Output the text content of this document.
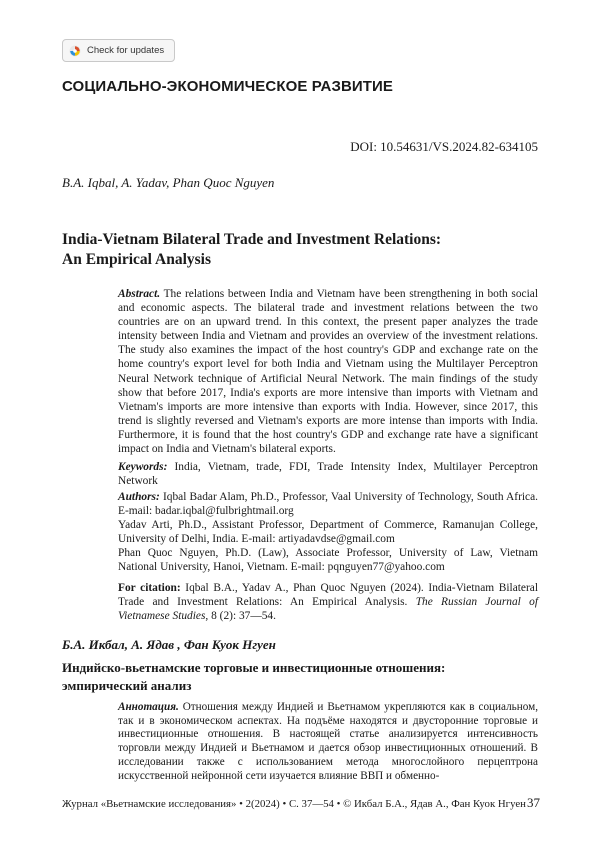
Check for updates
СОЦИАЛЬНО-ЭКОНОМИЧЕСКОЕ РАЗВИТИЕ
DOI: 10.54631/VS.2024.82-634105
B.A. Iqbal, A. Yadav, Phan Quoc Nguyen
India-Vietnam Bilateral Trade and Investment Relations:
An Empirical Analysis

Abstract. The relations between India and Vietnam have been strengthening in both social and economic aspects. The bilateral trade and investment relations between the two countries are on an upward trend. In this context, the present paper analyzes the trade intensity between India and Vietnam and provides an overview of the investment relations. The study also examines the impact of the host country's GDP and exchange rate on the home country's export level for both India and Vietnam using the Multilayer Perceptron Neural Network technique of Artificial Neural Network. The main findings of the study show that before 2017, India's exports are more intensive than imports with Vietnam and Vietnam's imports are more intensive than exports with India. However, since 2017, this trend is slightly reversed and Vietnam's exports are more intense than imports with India. Furthermore, it is found that the host country's GDP and exchange rate have a significant impact on India and Vietnam's bilateral exports.

Keywords: India, Vietnam, trade, FDI, Trade Intensity Index, Multilayer Perceptron Network

Authors: Iqbal Badar Alam, Ph.D., Professor, Vaal University of Technology, South Africa. E-mail: badar.iqbal@fulbrightmail.org

Yadav Arti, Ph.D., Assistant Professor, Department of Commerce, Ramanujan College, University of Delhi, India. E-mail: artiyadavdse@gmail.com

Phan Quoc Nguyen, Ph.D. (Law), Associate Professor, University of Law, Vietnam National University, Hanoi, Vietnam. E-mail: pqnguyen77@yahoo.com

For citation: Iqbal B.A., Yadav A., Phan Quoc Nguyen (2024). India-Vietnam Bilateral Trade and Investment Relations: An Empirical Analysis. The Russian Journal of Vietnamese Studies, 8 (2): 37—54.

Б.А. Икбал, А. Ядав , Фан Куок Нгуен
Индийско-вьетнамские торговые и инвестиционные отношения:
эмпирический анализ

Аннотация. Отношения между Индией и Вьетнамом укрепляются как в социальном, так и в экономическом аспектах. На подъёме находятся и двусторонние торговые и инвестиционные отношения. В настоящей статье анализируется интенсивность торговли между Индией и Вьетнамом и дается обзор инвестиционных отношений. В исследовании также с использованием метода многослойного перцептрона искусственной нейронной сети изучается влияние ВВП и обменно-

Журнал «Вьетнамские исследования» • 2(2024) • С. 37—54 • © Икбал Б.А., Ядав А., Фан Куок Нгуен 37
